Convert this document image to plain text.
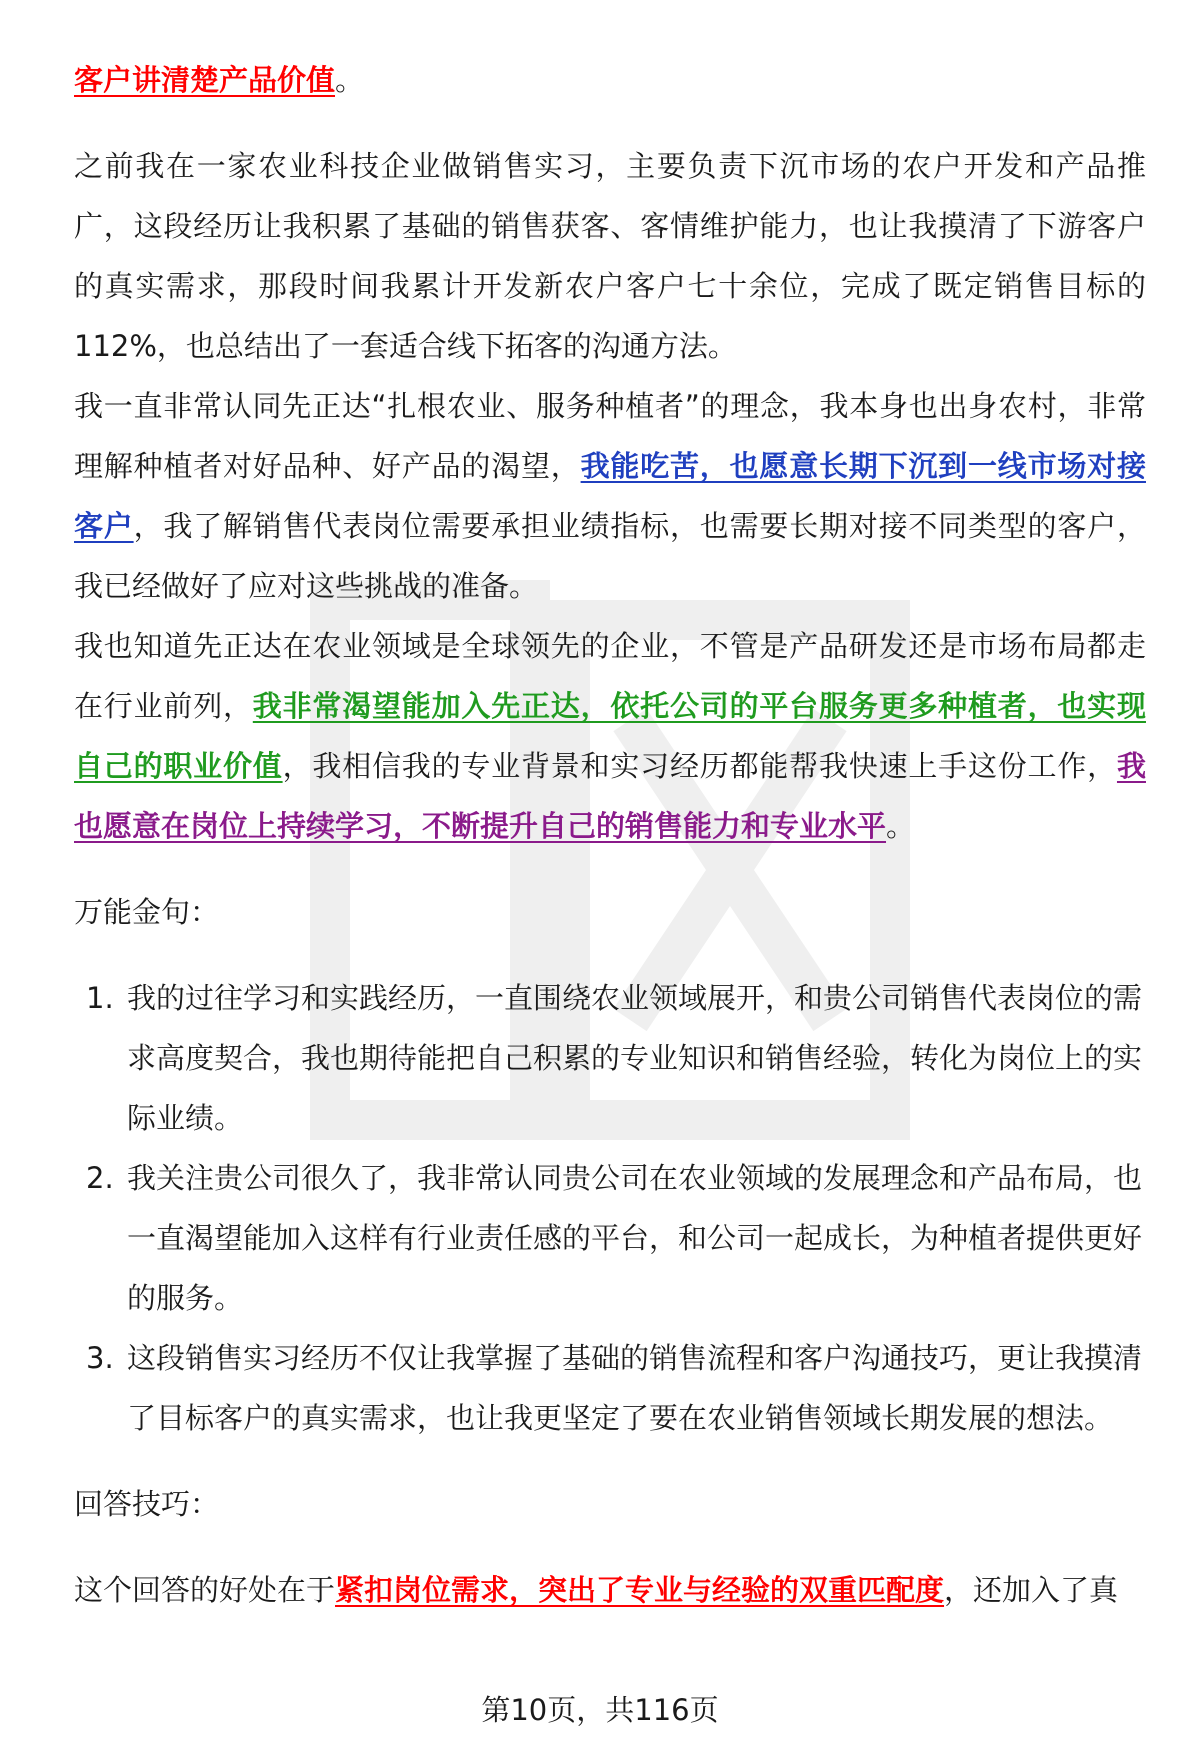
客户讲清楚产品价值。

之前我在一家农业科技企业做销售实习，主要负责下沉市场的农户开发和产品推广，这段经历让我积累了基础的销售获客、客情维护能力，也让我摸清了下游客户的真实需求，那段时间我累计开发新农户客户七十余位，完成了既定销售目标的112%，也总结出了一套适合线下拓客的沟通方法。

我一直非常认同先正达“扎根农业、服务种植者”的理念，我本身也出身农村，非常理解种植者对好品种、好产品的渴望，我能吃苦，也愿意长期下沉到一线市场对接客户，我了解销售代表岗位需要承担业绩指标，也需要长期对接不同类型的客户，我已经做好了应对这些挑战的准备。

我也知道先正达在农业领域是全球领先的企业，不管是产品研发还是市场布局都走在行业前列，我非常渴望能加入先正达，依托公司的平台服务更多种植者，也实现自己的职业价值，我相信我的专业背景和实习经历都能帮我快速上手这份工作，我也愿意在岗位上持续学习，不断提升自己的销售能力和专业水平。

万能金句：

1. 我的过往学习和实践经历，一直围绕农业领域展开，和贵公司销售代表岗位的需求高度契合，我也期待能把自己积累的专业知识和销售经验，转化为岗位上的实际业绩。
2. 我关注贵公司很久了，我非常认同贵公司在农业领域的发展理念和产品布局，也一直渴望能加入这样有行业责任感的平台，和公司一起成长，为种植者提供更好的服务。
3. 这段销售实习经历不仅让我掌握了基础的销售流程和客户沟通技巧，更让我摸清了目标客户的真实需求，也让我更坚定了要在农业销售领域长期发展的想法。

回答技巧：

这个回答的好处在于紧扣岗位需求，突出了专业与经验的双重匹配度，还加入了真

第10页，共116页
